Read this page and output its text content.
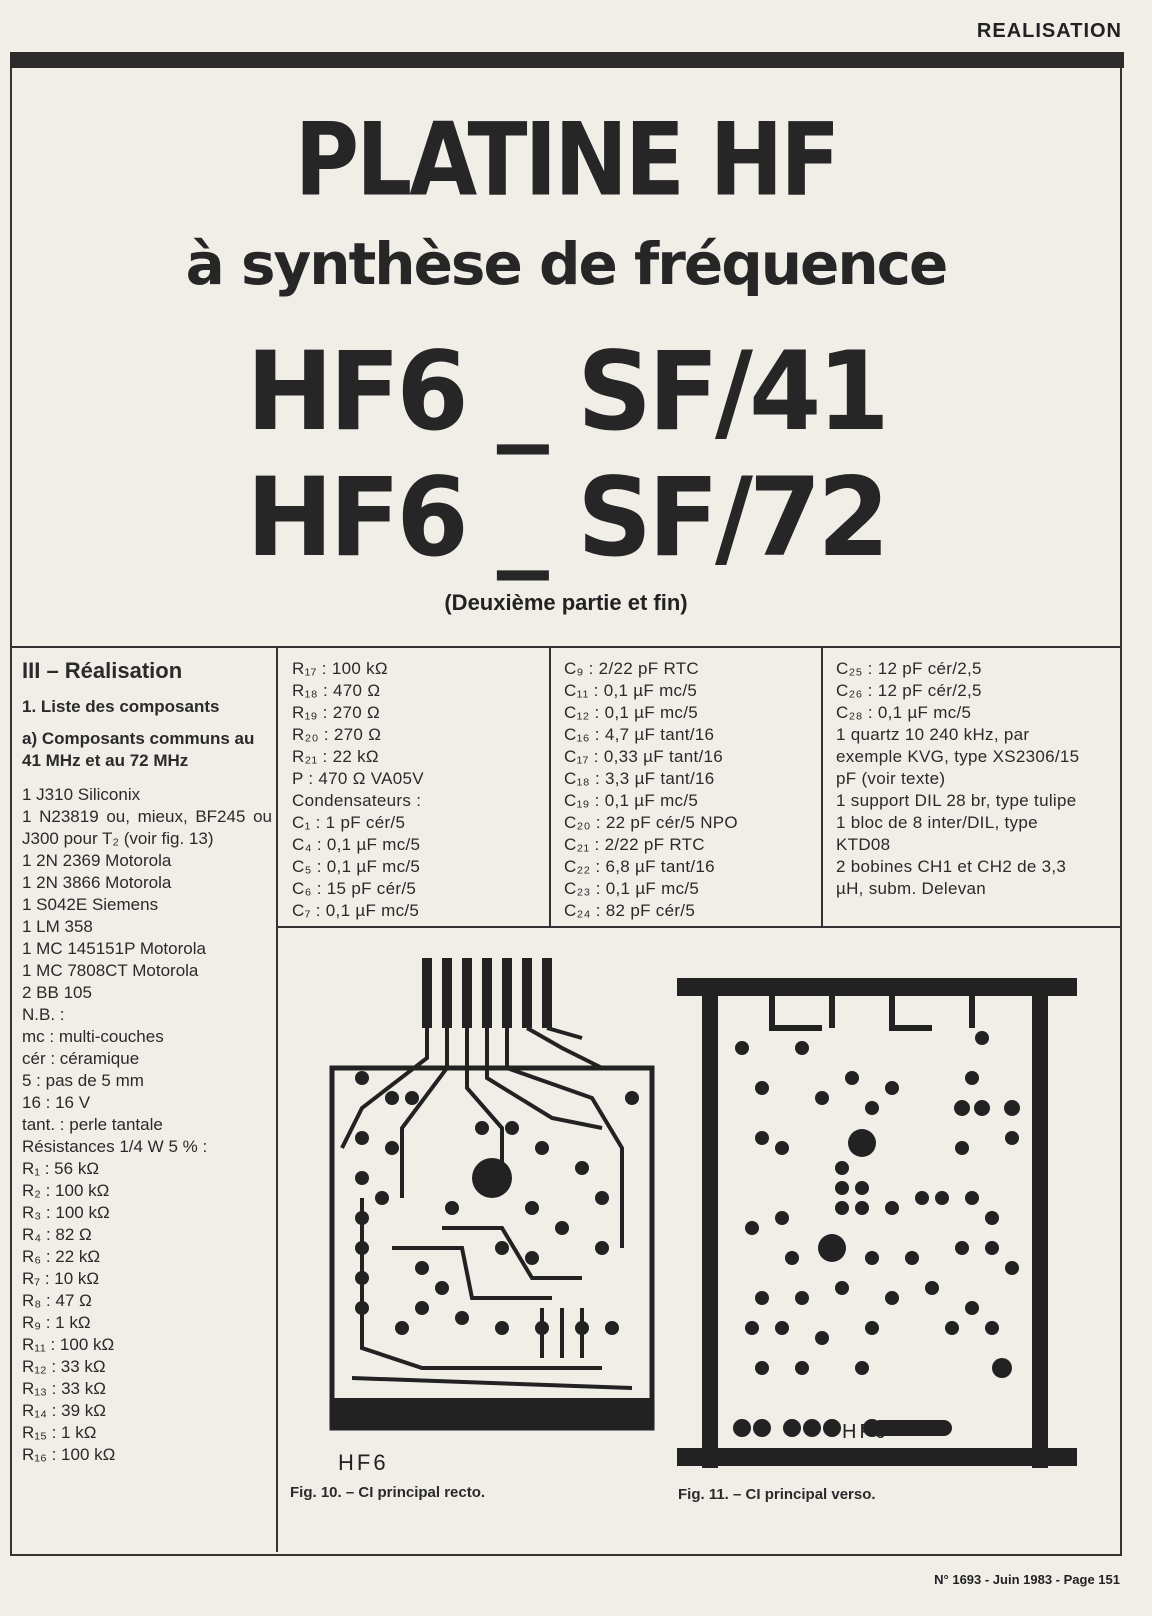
REALISATION
PLATINE HF
à synthèse de fréquence
HF6 _ SF/41
HF6 _ SF/72
(Deuxième partie et fin)
III – Réalisation
1. Liste des composants
a) Composants communs au 41 MHz et au 72 MHz
1 J310 Siliconix
1 N23819 ou, mieux, BF245 ou J300 pour T₂ (voir fig. 13)
1 2N 2369 Motorola
1 2N 3866 Motorola
1 S042E Siemens
1 LM 358
1 MC 145151P Motorola
1 MC 7808CT Motorola
2 BB 105
N.B. :
mc : multi-couches
cér : céramique
5 : pas de 5 mm
16 : 16 V
tant. : perle tantale
Résistances 1/4 W 5 % :
R₁ : 56 kΩ
R₂ : 100 kΩ
R₃ : 100 kΩ
R₄ : 82 Ω
R₆ : 22 kΩ
R₇ : 10 kΩ
R₈ : 47 Ω
R₉ : 1 kΩ
R₁₁ : 100 kΩ
R₁₂ : 33 kΩ
R₁₃ : 33 kΩ
R₁₄ : 39 kΩ
R₁₅ : 1 kΩ
R₁₆ : 100 kΩ
R₁₇ : 100 kΩ
R₁₈ : 470 Ω
R₁₉ : 270 Ω
R₂₀ : 270 Ω
R₂₁ : 22 kΩ
P : 470 Ω VA05V
Condensateurs :
C₁ : 1 pF cér/5
C₄ : 0,1 µF mc/5
C₅ : 0,1 µF mc/5
C₆ : 15 pF cér/5
C₇ : 0,1 µF mc/5
C₉ : 2/22 pF RTC
C₁₁ : 0,1 µF mc/5
C₁₂ : 0,1 µF mc/5
C₁₆ : 4,7 µF tant/16
C₁₇ : 0,33 µF tant/16
C₁₈ : 3,3 µF tant/16
C₁₉ : 0,1 µF mc/5
C₂₀ : 22 pF cér/5 NPO
C₂₁ : 2/22 pF RTC
C₂₂ : 6,8 µF tant/16
C₂₃ : 0,1 µF mc/5
C₂₄ : 82 pF cér/5
C₂₅ : 12 pF cér/2,5
C₂₆ : 12 pF cér/2,5
C₂₈ : 0,1 µF mc/5
1 quartz 10 240 kHz, par exemple KVG, type XS2306/15 pF (voir texte)
1 support DIL 28 br, type tulipe
1 bloc de 8 inter/DIL, type KTD08
2 bobines CH1 et CH2 de 3,3 µH, subm. Delevan
HF6
Fig. 10. – CI principal recto.
HF6 ·
Fig. 11. – CI principal verso.
N° 1693 - Juin 1983 - Page 151
